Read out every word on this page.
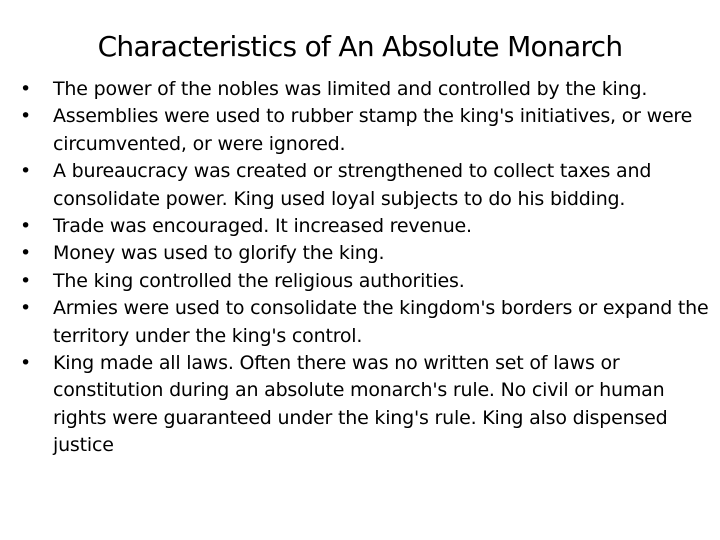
Characteristics of An Absolute Monarch
•	The power of the nobles was limited and controlled by the king.
•	Assemblies were used to rubber stamp the king's initiatives, or were circumvented, or were ignored.
•	A bureaucracy was created or strengthened to collect taxes and consolidate power. King used loyal subjects to do his bidding.
•	Trade was encouraged. It increased revenue.
•	Money was used to glorify the king.
•	The king controlled the religious authorities.
•	Armies were used to consolidate the kingdom's borders or expand the territory under the king's control.
•	King made all laws. Often there was no written set of laws or constitution during an absolute monarch's rule. No civil or human rights were guaranteed under the king's rule. King also dispensed justice
